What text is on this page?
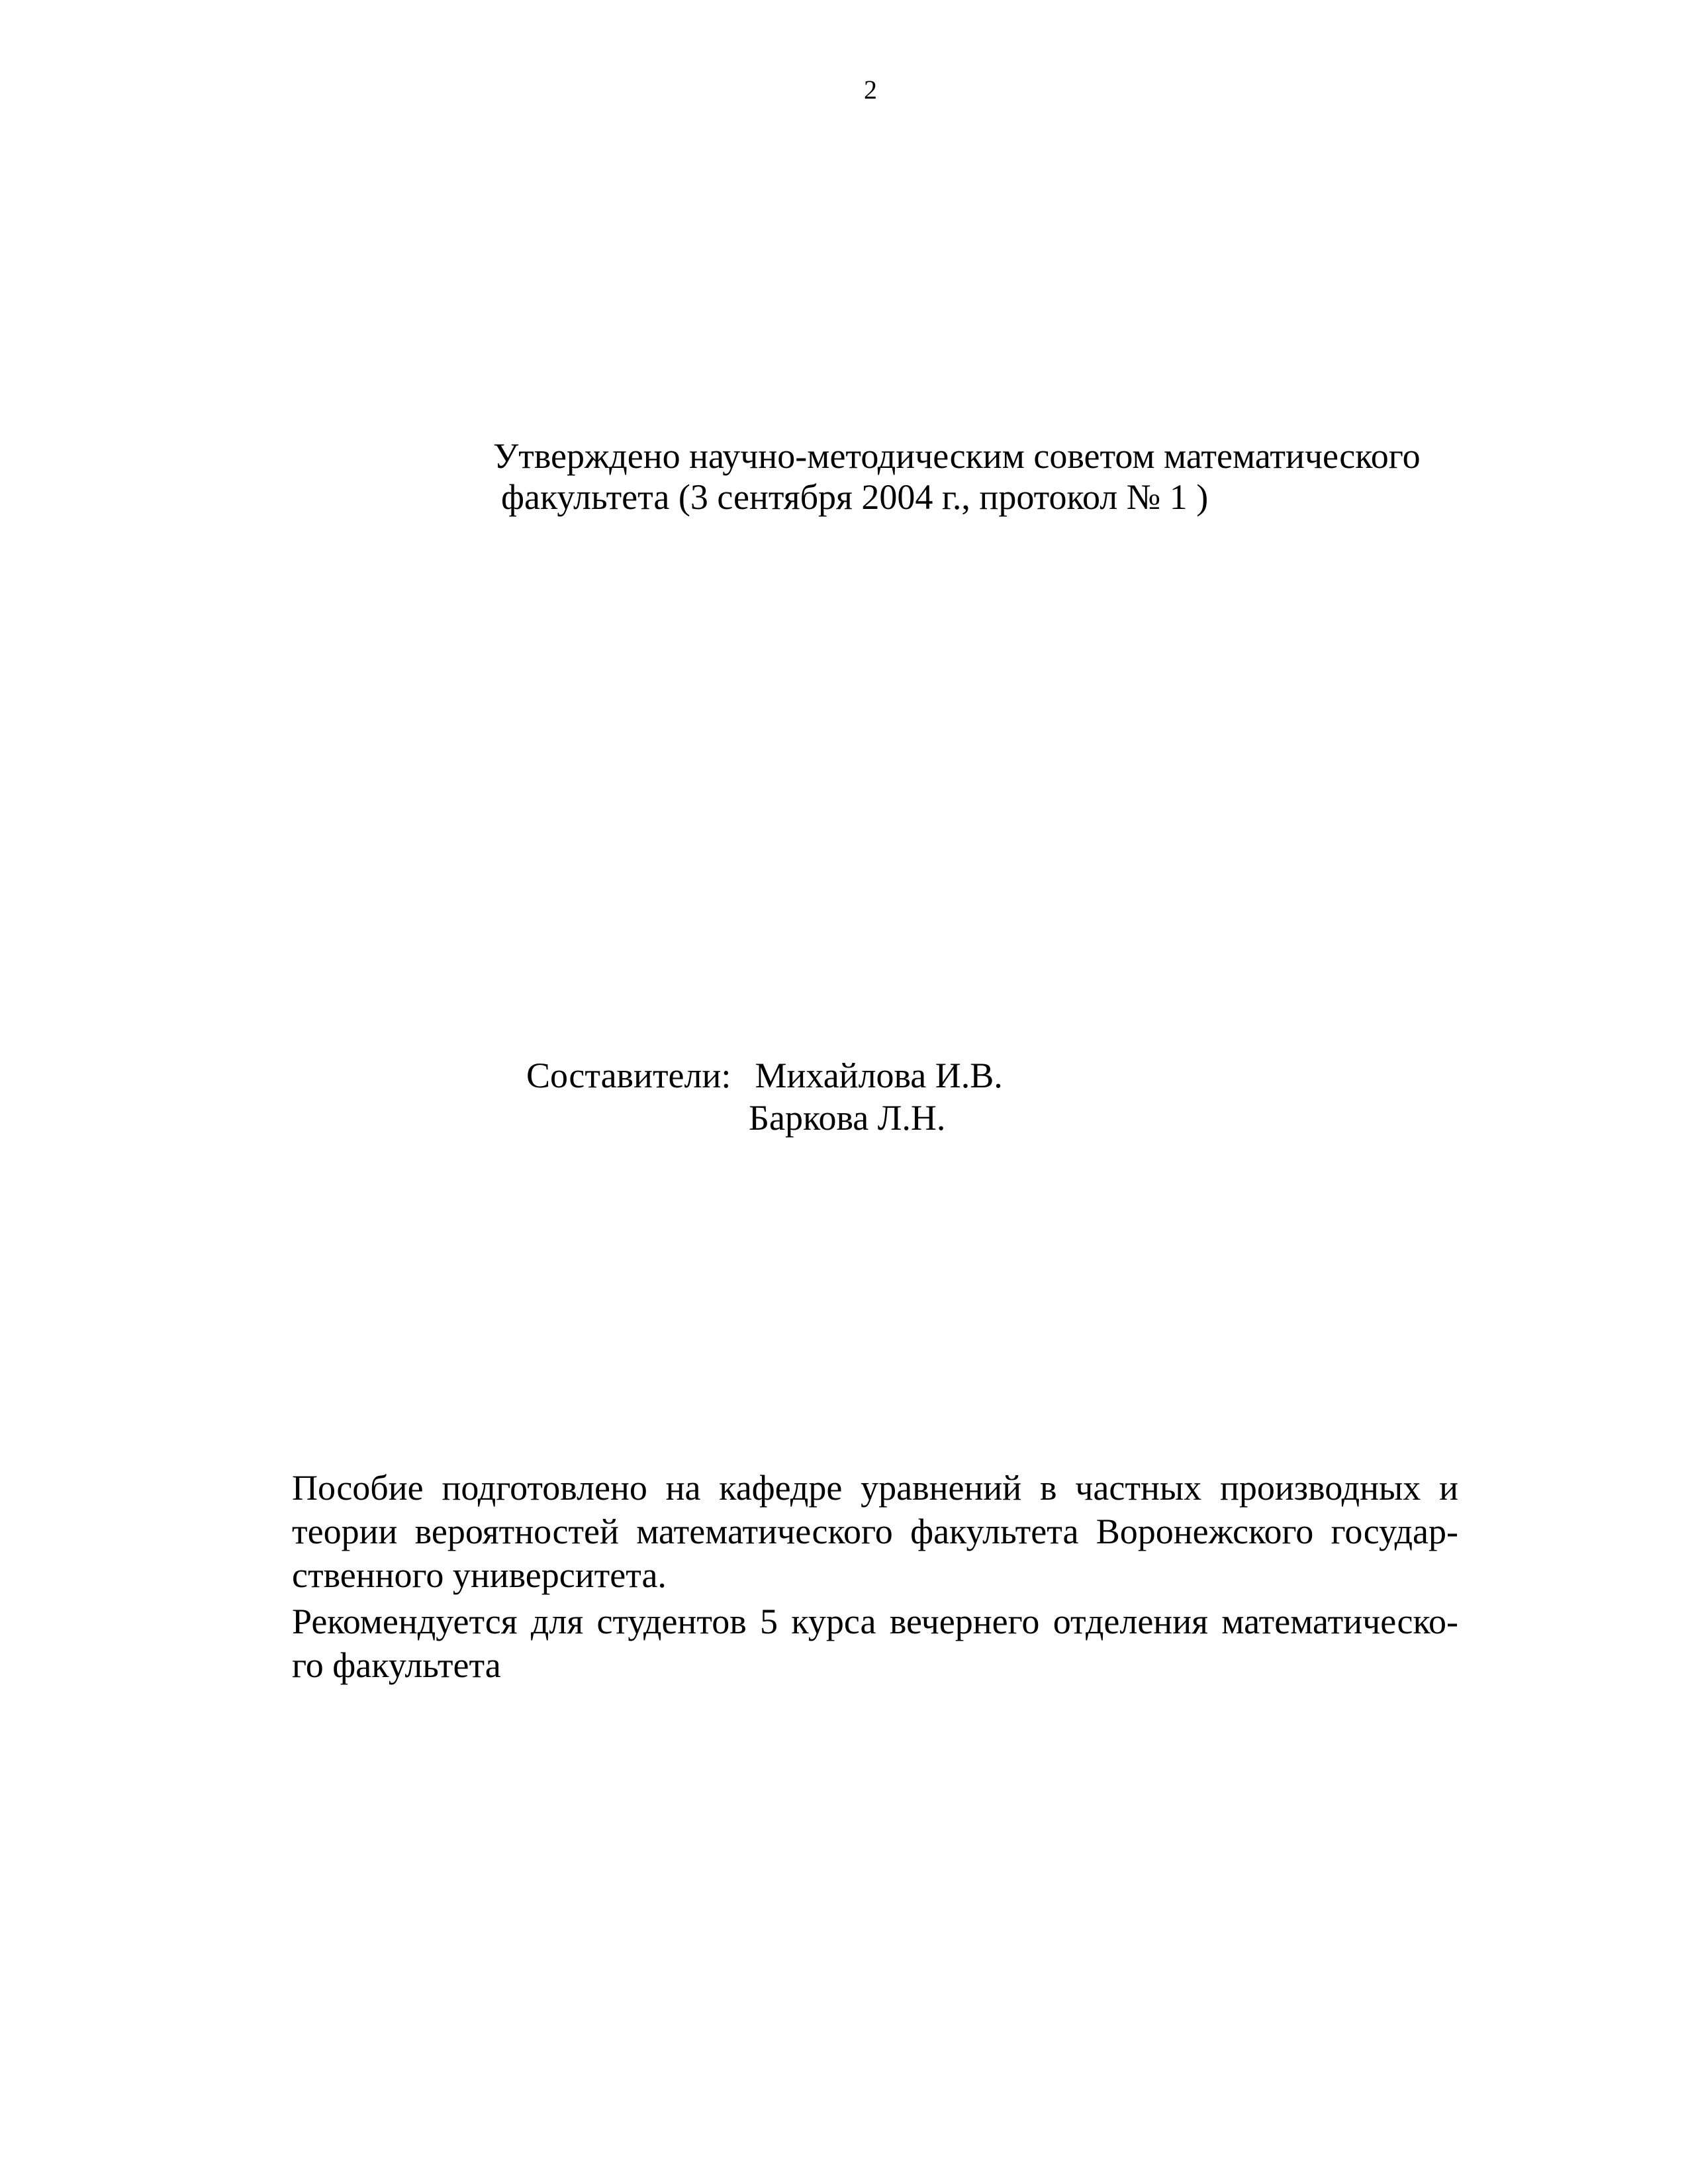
2
Утверждено научно-методическим советом математического
факультета (3 сентября 2004 г., протокол № 1 )
Составители: Михайлова И.В.
Баркова Л.Н.
Пособие подготовлено на кафедре уравнений в частных производных и
теории вероятностей математического факультета Воронежского государ-
ственного университета.
Рекомендуется для студентов 5 курса вечернего отделения математическо-
го факультета
